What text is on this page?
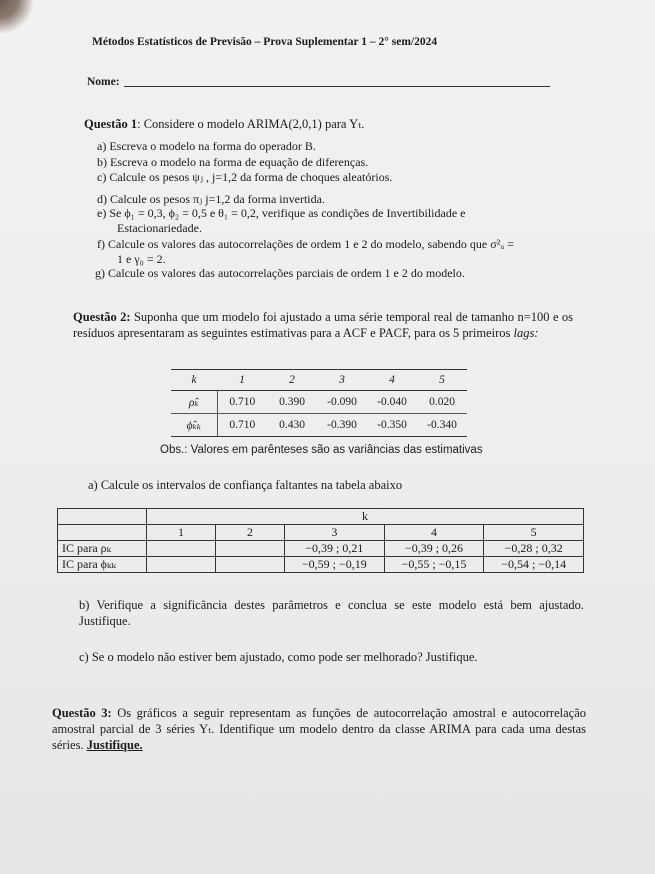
Métodos Estatísticos de Previsão – Prova Suplementar 1 – 2° sem/2024
Nome:
Questão 1: Considere o modelo ARIMA(2,0,1) para Yₜ.
a) Escreva o modelo na forma do operador B.
b) Escreva o modelo na forma de equação de diferenças.
c) Calcule os pesos ψⱼ , j=1,2 da forma de choques aleatórios.
d) Calcule os pesos πⱼ j=1,2 da forma invertida.
e) Se ϕ₁ = 0,3, ϕ₂ = 0,5 e θ₁ = 0,2, verifique as condições de Invertibilidade e
Estacionariedade.
f) Calcule os valores das autocorrelações de ordem 1 e 2 do modelo, sabendo que σ²ᵤ =
1 e γ₀ = 2.
g) Calcule os valores das autocorrelações parciais de ordem 1 e 2 do modelo.
Questão 2: Suponha que um modelo foi ajustado a uma série temporal real de tamanho n=100 e os resíduos apresentaram as seguintes estimativas para a ACF e PACF, para os 5 primeiros lags:
k	1	2	3	4	5
ρ̂ₖ	0.710	0.390	-0.090	-0.040	0.020
ϕ̂ₖₖ	0.710	0.430	-0.390	-0.350	-0.340
Obs.: Valores em parênteses são as variâncias das estimativas
a) Calcule os intervalos de confiança faltantes na tabela abaixo
	k				
	1	2	3	4	5
IC para ρₖ			−0,39 ; 0,21	−0,39 ; 0,26	−0,28 ; 0,32
IC para ϕₖₖ			−0,59 ; −0,19	−0,55 ; −0,15	−0,54 ; −0,14
b) Verifique a significância destes parâmetros e conclua se este modelo está bem ajustado. Justifique.
c) Se o modelo não estiver bem ajustado, como pode ser melhorado? Justifique.
Questão 3: Os gráficos a seguir representam as funções de autocorrelação amostral e autocorrelação amostral parcial de 3 séries Yₜ. Identifique um modelo dentro da classe ARIMA para cada uma destas séries. Justifique.
